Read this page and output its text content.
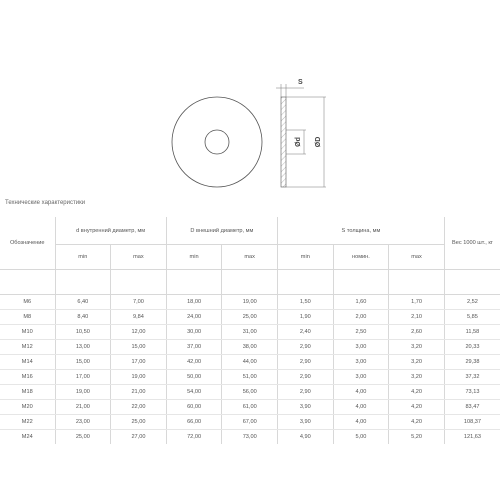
S
Ød ØD
Технические характеристики
Обозначение	d внутренний диаметр, мм		D внешний диаметр, мм		S толщина, мм			Вес 1000 шт., кг
	min	max	min	max	min	номин.	max	

M6	6,40	7,00	18,00	19,00	1,50	1,60	1,70	2,52
M8	8,40	9,84	24,00	25,00	1,90	2,00	2,10	5,85
M10	10,50	12,00	30,00	31,00	2,40	2,50	2,60	11,58
M12	13,00	15,00	37,00	38,00	2,90	3,00	3,20	20,33
M14	15,00	17,00	42,00	44,00	2,90	3,00	3,20	29,38
M16	17,00	19,00	50,00	51,00	2,90	3,00	3,20	37,32
M18	19,00	21,00	54,00	56,00	2,90	4,00	4,20	73,13
M20	21,00	22,00	60,00	61,00	3,90	4,00	4,20	83,47
M22	23,00	25,00	66,00	67,00	3,90	4,00	4,20	108,37
M24	25,00	27,00	72,00	73,00	4,90	5,00	5,20	121,63
